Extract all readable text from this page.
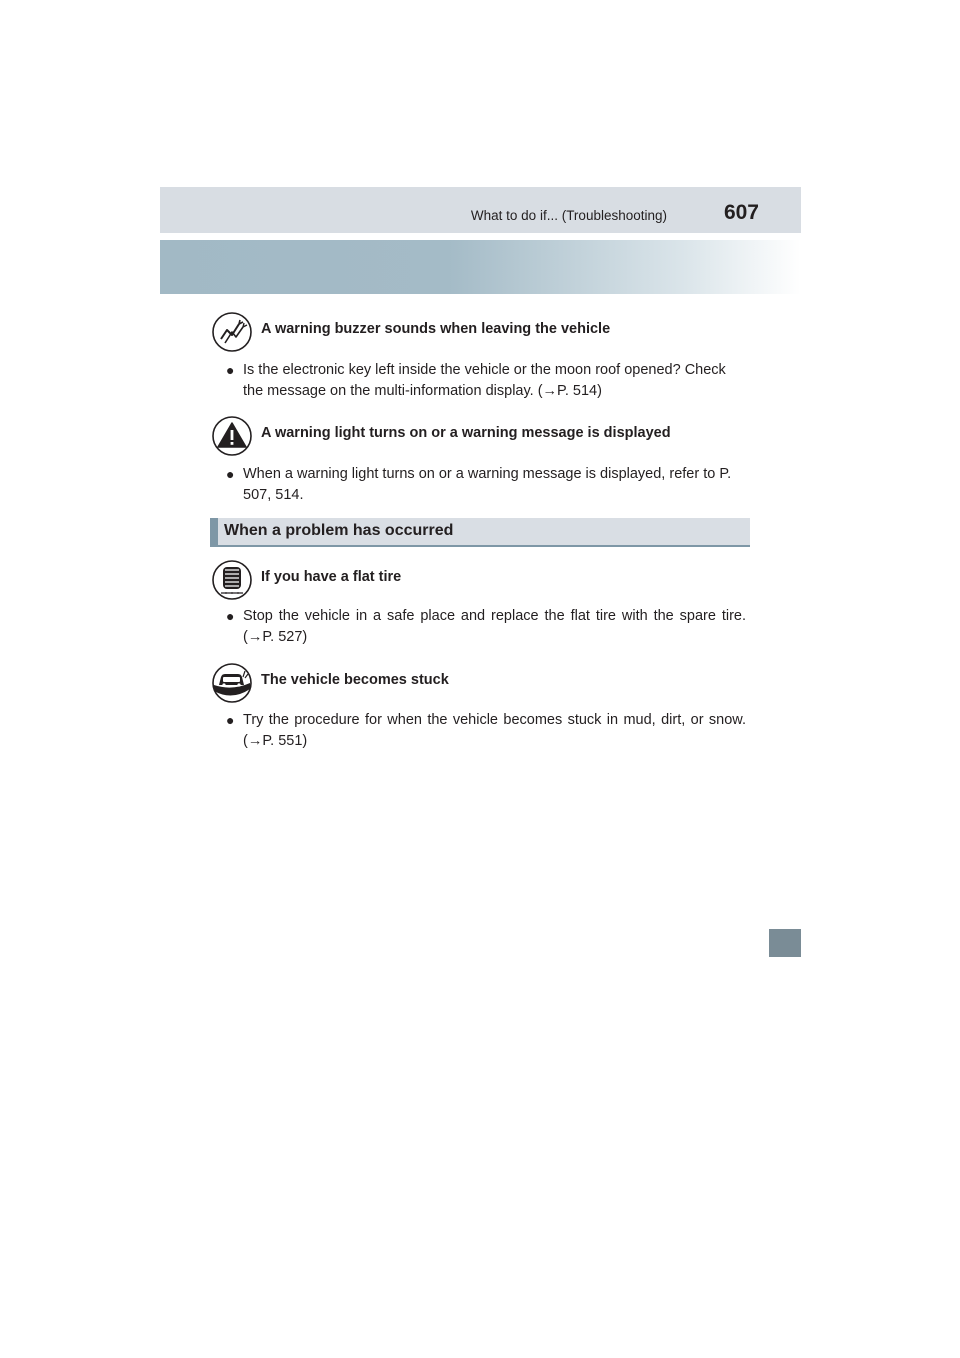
What to do if... (Troubleshooting)	607
A warning buzzer sounds when leaving the vehicle
● Is the electronic key left inside the vehicle or the moon roof opened? Check the message on the multi-information display. (→P. 514)
A warning light turns on or a warning message is displayed
● When a warning light turns on or a warning message is displayed, refer to P. 507, 514.
When a problem has occurred
If you have a flat tire
● Stop the vehicle in a safe place and replace the flat tire with the spare tire. (→P. 527)
The vehicle becomes stuck
● Try the procedure for when the vehicle becomes stuck in mud, dirt, or snow. (→P. 551)
